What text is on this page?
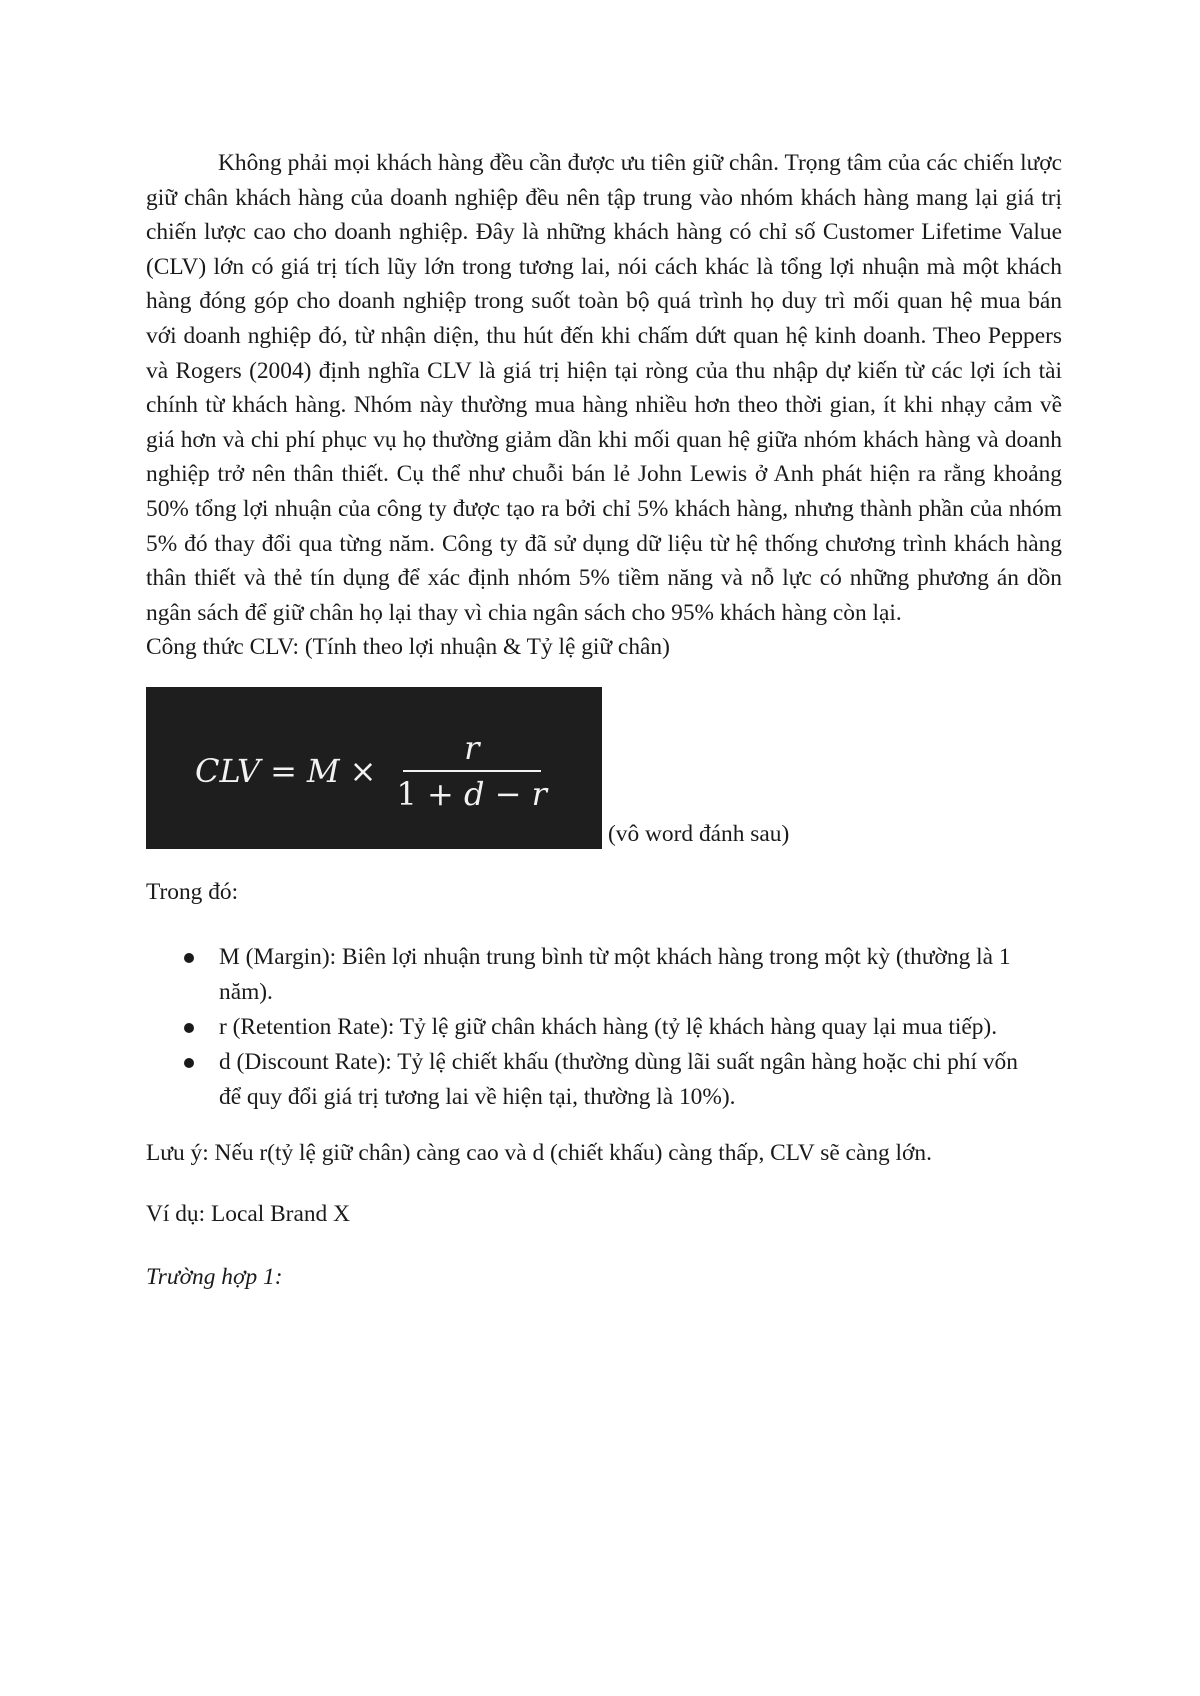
Không phải mọi khách hàng đều cần được ưu tiên giữ chân. Trọng tâm của các chiến lược giữ chân khách hàng của doanh nghiệp đều nên tập trung vào nhóm khách hàng mang lại giá trị chiến lược cao cho doanh nghiệp. Đây là những khách hàng có chỉ số Customer Lifetime Value (CLV) lớn có giá trị tích lũy lớn trong tương lai, nói cách khác là tổng lợi nhuận mà một khách hàng đóng góp cho doanh nghiệp trong suốt toàn bộ quá trình họ duy trì mối quan hệ mua bán với doanh nghiệp đó, từ nhận diện, thu hút đến khi chấm dứt quan hệ kinh doanh. Theo Peppers và Rogers (2004) định nghĩa CLV là giá trị hiện tại ròng của thu nhập dự kiến từ các lợi ích tài chính từ khách hàng. Nhóm này thường mua hàng nhiều hơn theo thời gian, ít khi nhạy cảm về giá hơn và chi phí phục vụ họ thường giảm dần khi mối quan hệ giữa nhóm khách hàng và doanh nghiệp trở nên thân thiết. Cụ thể như chuỗi bán lẻ John Lewis ở Anh phát hiện ra rằng khoảng 50% tổng lợi nhuận của công ty được tạo ra bởi chỉ 5% khách hàng, nhưng thành phần của nhóm 5% đó thay đổi qua từng năm. Công ty đã sử dụng dữ liệu từ hệ thống chương trình khách hàng thân thiết và thẻ tín dụng để xác định nhóm 5% tiềm năng và nỗ lực có những phương án dồn ngân sách để giữ chân họ lại thay vì chia ngân sách cho 95% khách hàng còn lại.

Công thức CLV: (Tính theo lợi nhuận & Tỷ lệ giữ chân)

CLV = $M \times \frac{r}{1 + d - r}$
(vô word đánh sau)

Trong đó:

M (Margin): Biên lợi nhuận trung bình từ một khách hàng trong một kỳ (thường là 1 năm).
r (Retention Rate): Tỷ lệ giữ chân khách hàng (tỷ lệ khách hàng quay lại mua tiếp).
d (Discount Rate): Tỷ lệ chiết khấu (thường dùng lãi suất ngân hàng hoặc chi phí vốn để quy đổi giá trị tương lai về hiện tại, thường là 10%).

Lưu ý: Nếu r(tỷ lệ giữ chân) càng cao và d (chiết khấu) càng thấp, CLV sẽ càng lớn.

Ví dụ: Local Brand X

Trường hợp 1:
